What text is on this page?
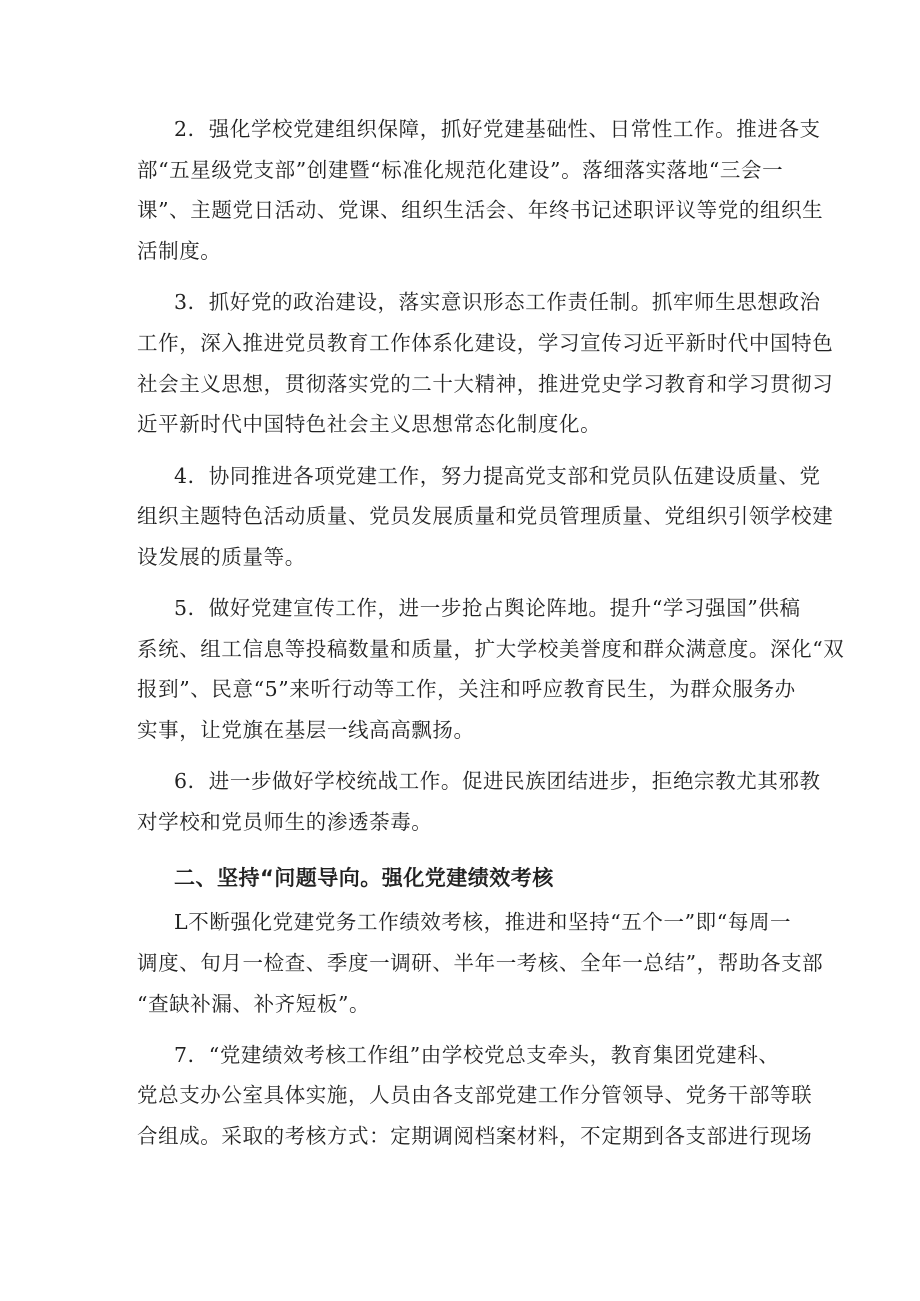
2．强化学校党建组织保障，抓好党建基础性、日常性工作。推进各支
部“五星级党支部”创建暨“标准化规范化建设”。落细落实落地“三会一
课”、主题党日活动、党课、组织生活会、年终书记述职评议等党的组织生
活制度。
3．抓好党的政治建设，落实意识形态工作责任制。抓牢师生思想政治
工作，深入推进党员教育工作体系化建设，学习宣传习近平新时代中国特色
社会主义思想，贯彻落实党的二十大精神，推进党史学习教育和学习贯彻习
近平新时代中国特色社会主义思想常态化制度化。
4．协同推进各项党建工作，努力提高党支部和党员队伍建设质量、党
组织主题特色活动质量、党员发展质量和党员管理质量、党组织引领学校建
设发展的质量等。
5．做好党建宣传工作，进一步抢占舆论阵地。提升“学习强国”供稿
系统、组工信息等投稿数量和质量，扩大学校美誉度和群众满意度。深化“双
报到”、民意“5”来听行动等工作，关注和呼应教育民生，为群众服务办
实事，让党旗在基层一线高高飘扬。
6．进一步做好学校统战工作。促进民族团结进步，拒绝宗教尤其邪教
对学校和党员师生的渗透荼毒。
二、坚持“问题导向。强化党建绩效考核
L不断强化党建党务工作绩效考核，推进和坚持“五个一”即“每周一
调度、旬月一检查、季度一调研、半年一考核、全年一总结”，帮助各支部
“查缺补漏、补齐短板”。
7．“党建绩效考核工作组”由学校党总支牵头，教育集团党建科、
党总支办公室具体实施，人员由各支部党建工作分管领导、党务干部等联
合组成。采取的考核方式：定期调阅档案材料，不定期到各支部进行现场
